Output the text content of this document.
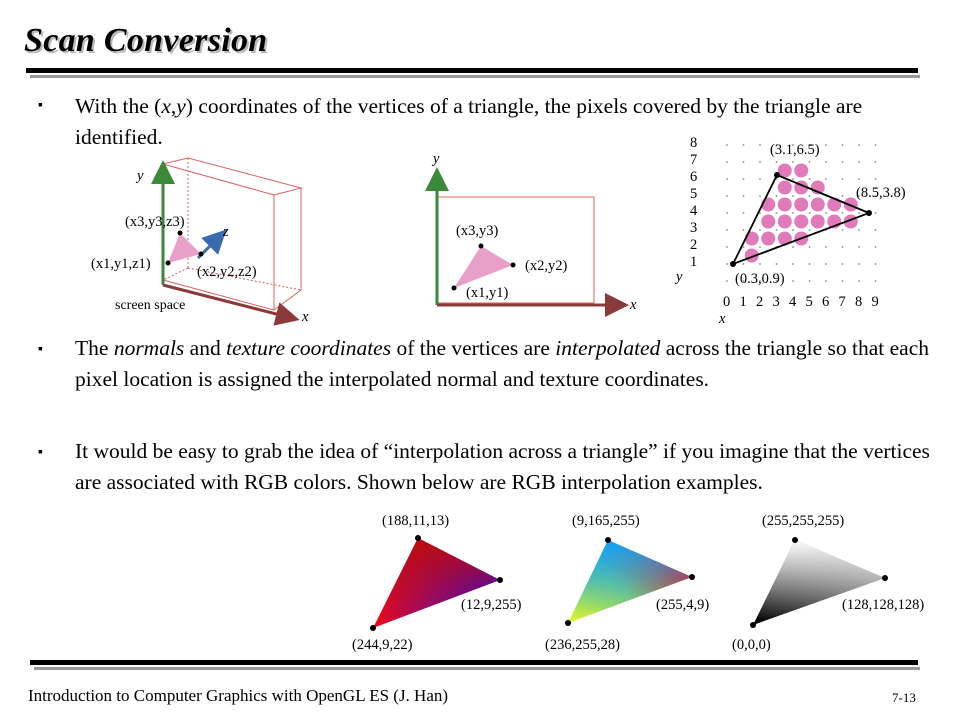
Scan Conversion
▪ With the (x,y) coordinates of the vertices of a triangle, the pixels covered by the triangle are identified.
y
x
z
(x3,y3,z3)
(x1,y1,z1)	(x2,y2,z2)
screen space
y
x
(x3,y3)
(x2,y2)
(x1,y1)
1
2
3
4
5
6
7
8
0 1 2 3 4 5 6 7 8 9
y
x
(3.1,6.5)
(8.5,3.8)
(0.3,0.9)
▪ The normals and texture coordinates of the vertices are interpolated across the triangle so that each pixel location is assigned the interpolated normal and texture coordinates.
▪ It would be easy to grab the idea of “interpolation across a triangle” if you imagine that the vertices are associated with RGB colors. Shown below are RGB interpolation examples.
(188,11,13)
(12,9,255)
(244,9,22)
(9,165,255)
(255,4,9)
(236,255,28)
(255,255,255)
(128,128,128)
(0,0,0)
Introduction to Computer Graphics with OpenGL ES (J. Han)	7-13
